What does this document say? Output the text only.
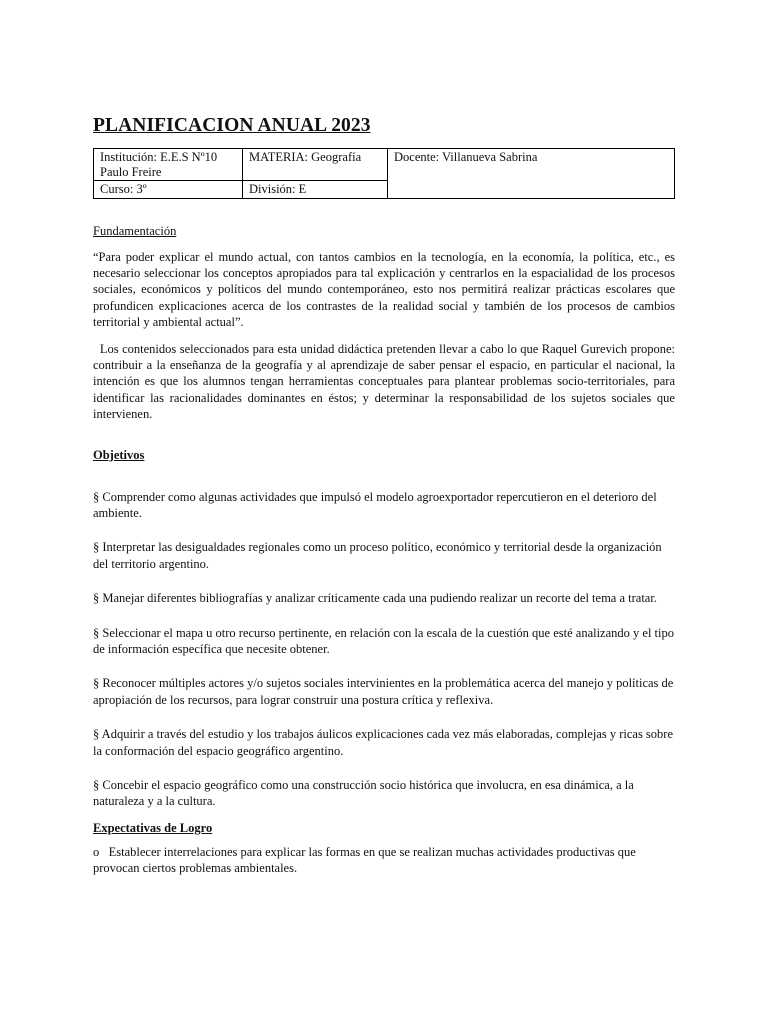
PLANIFICACION ANUAL 2023
Institución: E.E.S Nº10 Paulo Freire	MATERIA: Geografía	Docente: Villanueva Sabrina
Curso: 3º	División: E	
Fundamentación

“Para poder explicar el mundo actual, con tantos cambios en la tecnología, en la economía, la política, etc., es necesario seleccionar los conceptos apropiados para tal explicación y centrarlos en la espacialidad de los procesos sociales, económicos y políticos del mundo contemporáneo, esto nos permitirá realizar prácticas escolares que profundicen explicaciones acerca de los contrastes de la realidad social y también de los procesos de cambios territorial y ambiental actual”.

Los contenidos seleccionados para esta unidad didáctica pretenden llevar a cabo lo que Raquel Gurevich propone: contribuir a la enseñanza de la geografía y al aprendizaje de saber pensar el espacio, en particular el nacional, la intención es que los alumnos tengan herramientas conceptuales para plantear problemas socio-territoriales, para identificar las racionalidades dominantes en éstos; y determinar la responsabilidad de los sujetos sociales que intervienen.

Objetivos

§ Comprender como algunas actividades que impulsó el modelo agroexportador repercutieron en el deterioro del ambiente.

§ Interpretar las desigualdades regionales como un proceso político, económico y territorial desde la organización del territorio argentino.

§ Manejar diferentes bibliografías y analizar críticamente cada una pudiendo realizar un recorte del tema a tratar.

§ Seleccionar el mapa u otro recurso pertinente, en relación con la escala de la cuestión que esté analizando y el tipo de información específica que necesite obtener.

§ Reconocer múltiples actores y/o sujetos sociales intervinientes en la problemática acerca del manejo y políticas de apropiación de los recursos, para lograr construir una postura crítica y reflexiva.

§ Adquirir a través del estudio y los trabajos áulicos explicaciones cada vez más elaboradas, complejas y ricas sobre la conformación del espacio geográfico argentino.

§ Concebir el espacio geográfico como una construcción socio histórica que involucra, en esa dinámica, a la naturaleza y a la cultura.

Expectativas de Logro

o   Establecer interrelaciones para explicar las formas en que se realizan muchas actividades productivas que provocan ciertos problemas ambientales.
